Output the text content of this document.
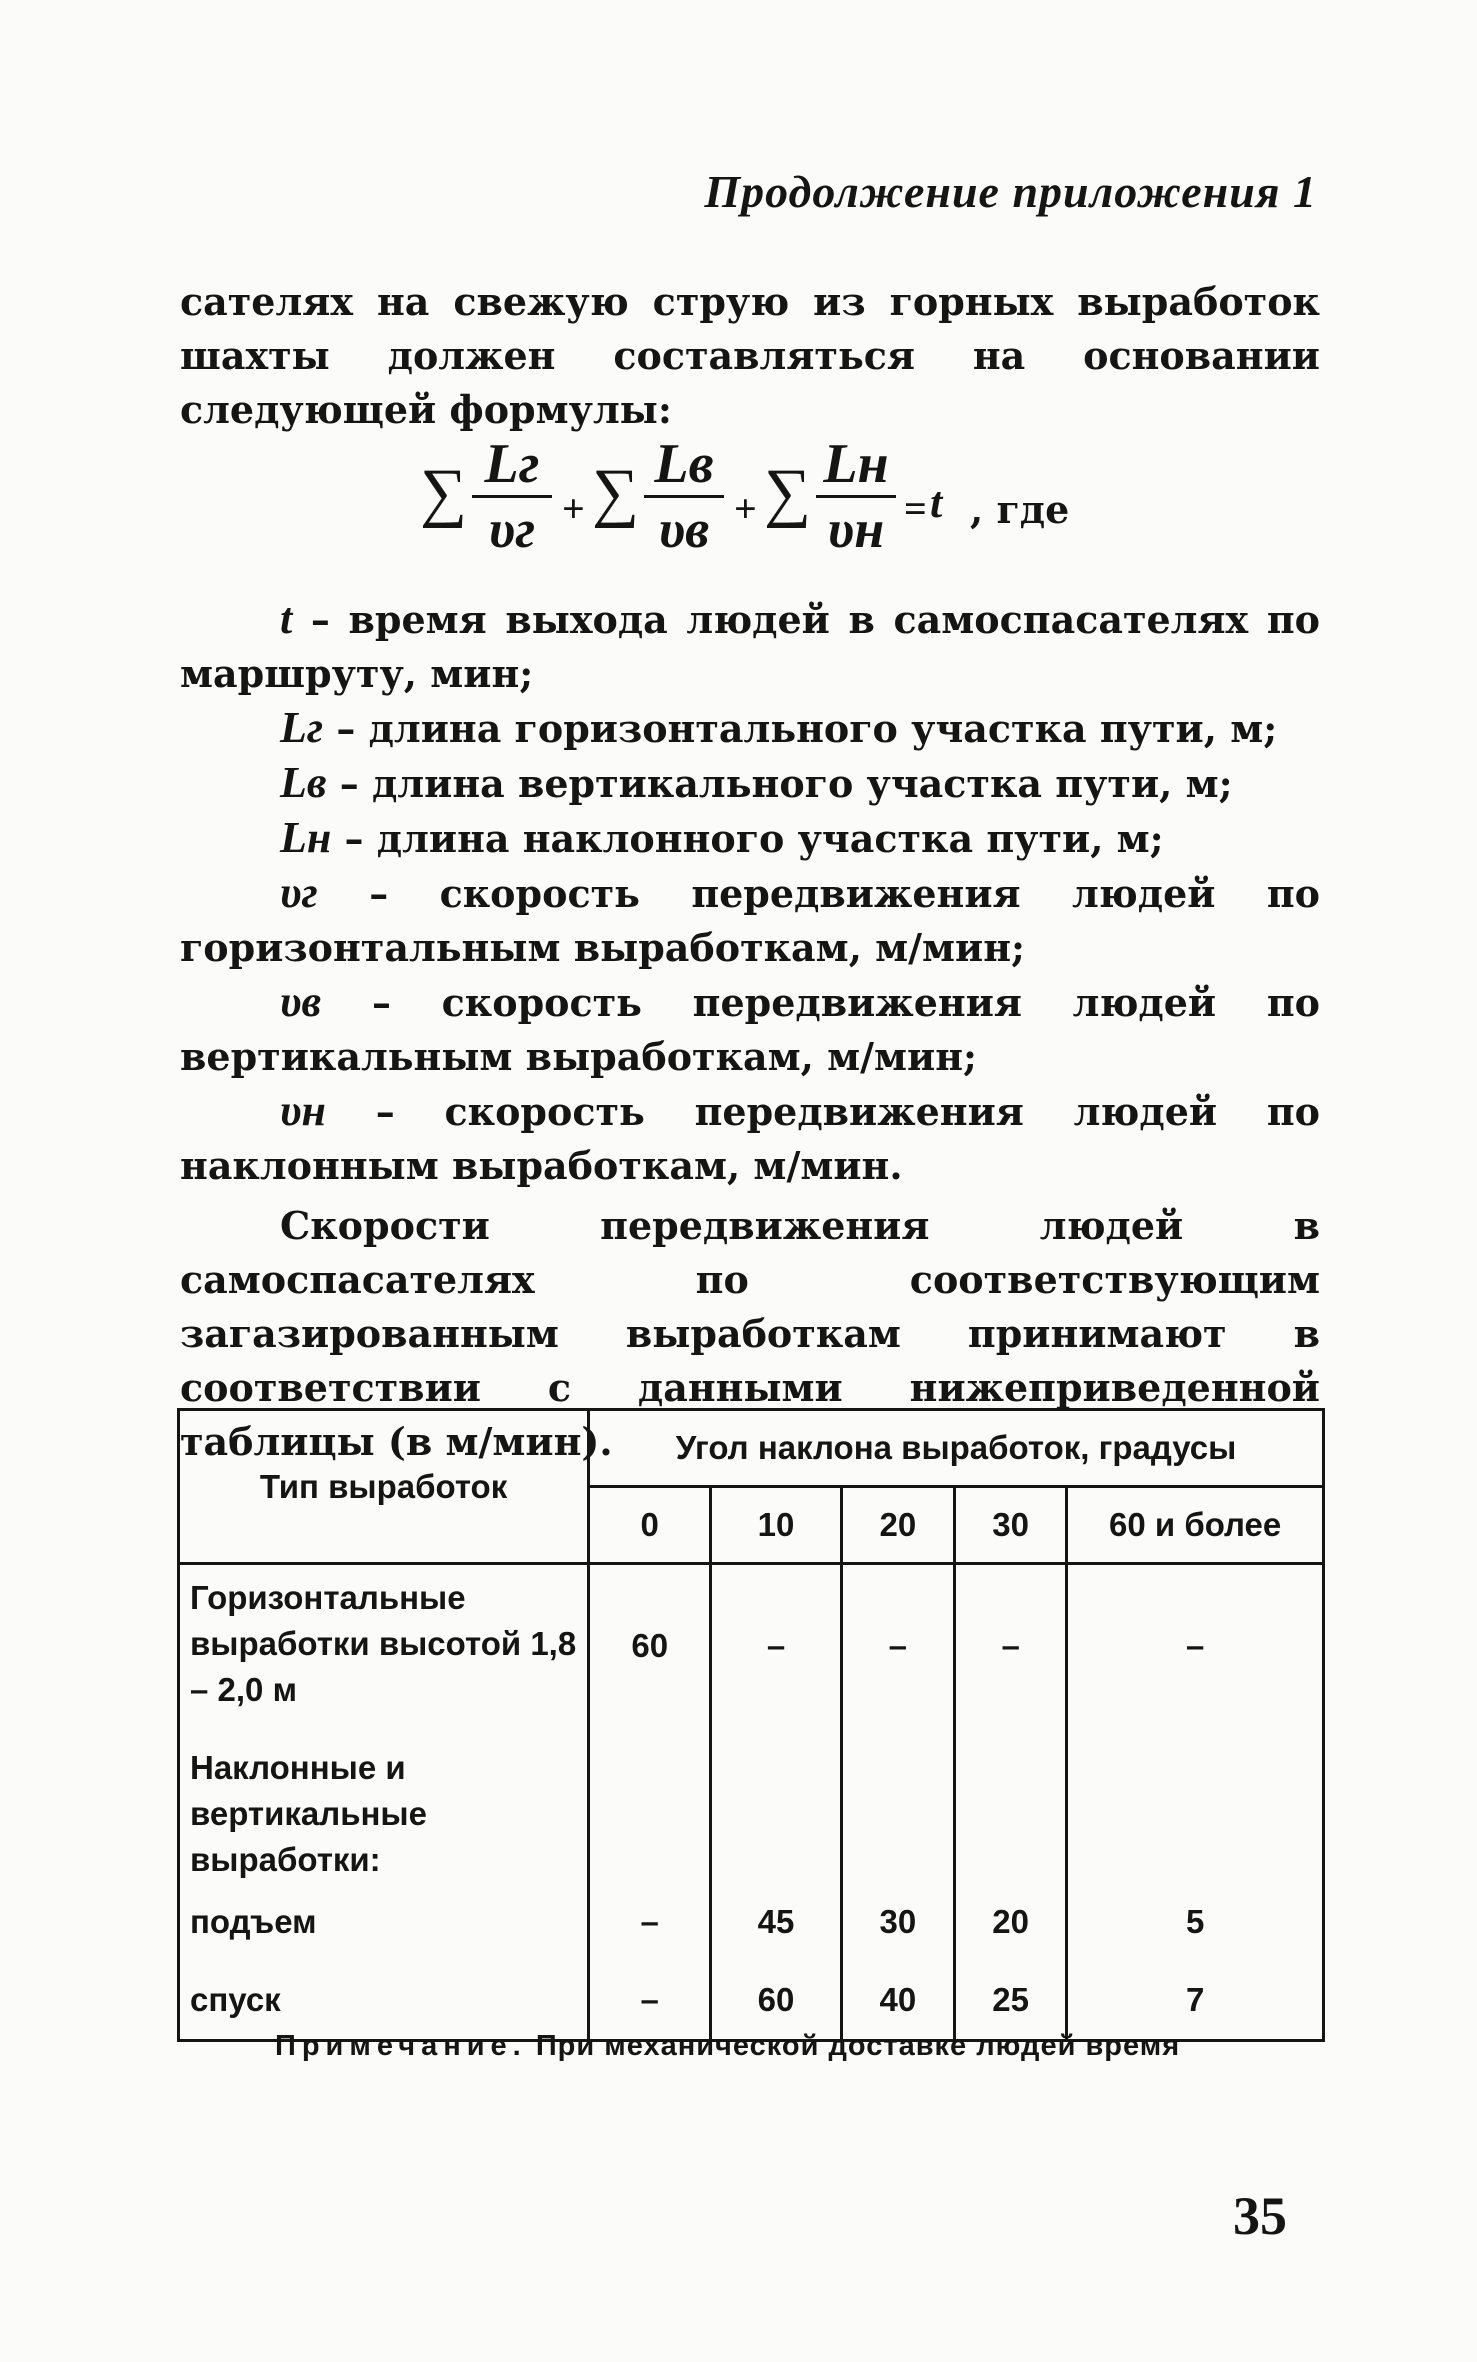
Продолжение приложения 1

сателях на свежую струю из горных выработок шахты должен составляться на основании следующей формулы:

∑ Lг
υг + ∑ Lв
υв + ∑ Lн
υн = t , где

t – время выхода людей в самоспасателях по маршруту, мин;

Lг – длина горизонтального участка пути, м;

Lв – длина вертикального участка пути, м;

Lн – длина наклонного участка пути, м;

υг – скорость передвижения людей по горизонтальным выработкам, м/мин;

υв – скорость передвижения людей по вертикальным выработкам, м/мин;

υн – скорость передвижения людей по наклонным выработкам, м/мин.

Скорости передвижения людей в самоспасателях по соответствующим загазированным выработкам принимают в соответствии с данными нижеприведенной таблицы (в м/мин).

Тип выработок	Угол наклона выработок, градусы				
	0	10	20	30	60 и более
Горизонтальные выработки высотой 1,8 – 2,0 м	60	–	–	–	–
Наклонные и вертикальные выработки:					
подъем	–	45	30	20	5
спуск	–	60	40	25	7
Примечание. При механической доставке людей время
35
